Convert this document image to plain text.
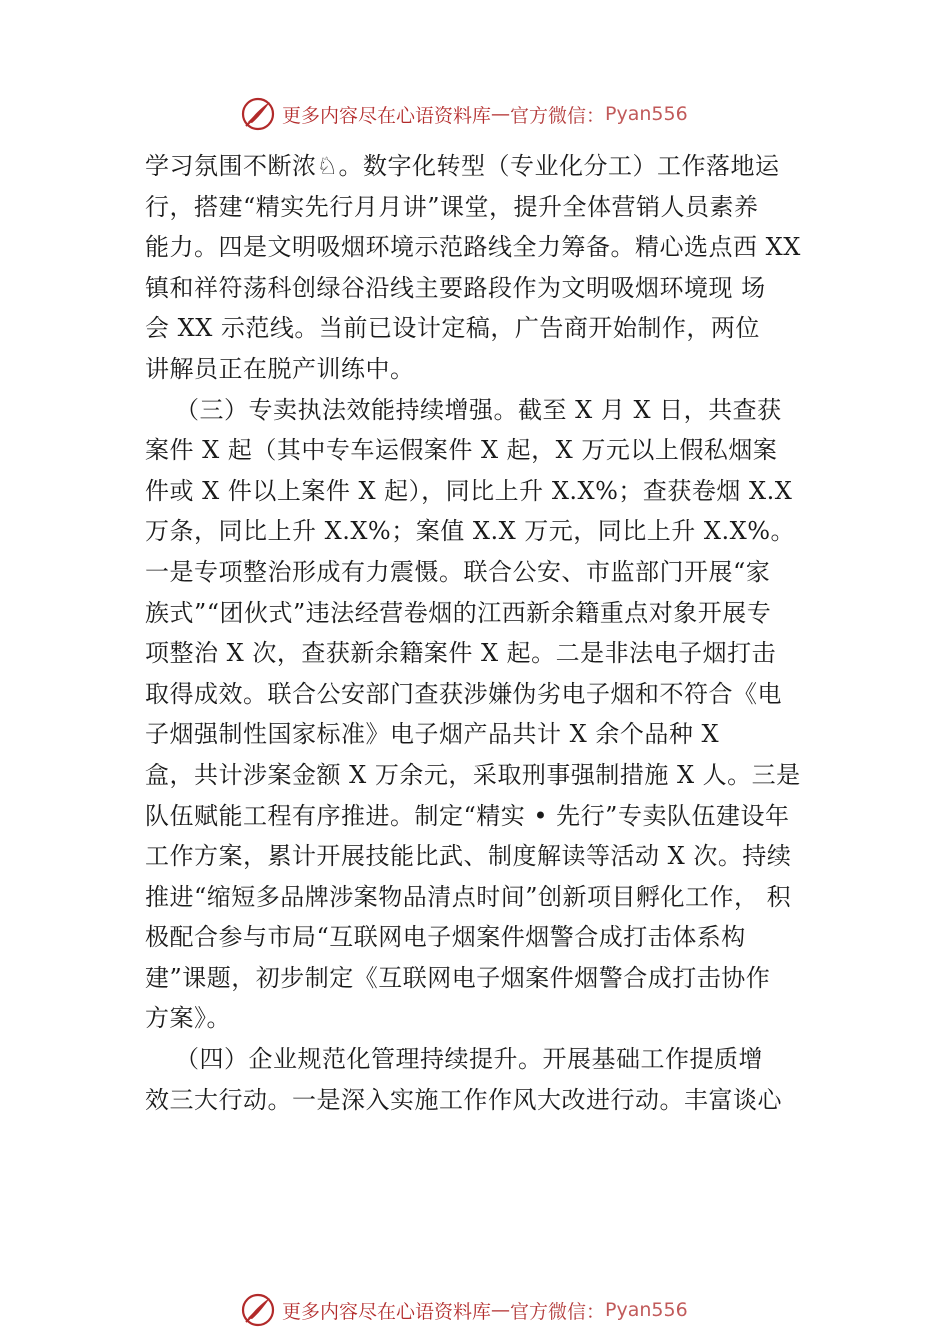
更多内容尽在心语资料库 — 官方微信： Pyan556
学习氛围不断浓♘。数字化转型（专业化分工）工作落地运
行，搭建“精实先行月月讲”课堂，提升全体营销人员素养
能力。四是文明吸烟环境示范路线全力筹备。精心选点西 XX
镇和祥符荡科创绿谷沿线主要路段作为文明吸烟环境现 场
会 XX 示范线。当前已设计定稿，广告商开始制作，两位
讲解员正在脱产训练中。
（三）专卖执法效能持续增强。截至 X 月 X 日，共查获
案件 X 起（其中专车运假案件 X 起，X 万元以上假私烟案
件或 X 件以上案件 X 起），同比上升 X.X%；查获卷烟 X.X
万条，同比上升 X.X%；案值 X.X 万元，同比上升 X.X%。
一是专项整治形成有力震慑。联合公安、市监部门开展“家
族式”“团伙式”违法经营卷烟的江西新余籍重点对象开展专
项整治 X 次，查获新余籍案件 X 起。二是非法电子烟打击
取得成效。联合公安部门查获涉嫌伪劣电子烟和不符合《电
子烟强制性国家标准》电子烟产品共计 X 余个品种 X
盒，共计涉案金额 X 万余元，采取刑事强制措施 X 人。三是
队伍赋能工程有序推进。制定“精实 • 先行”专卖队伍建设年
工作方案，累计开展技能比武、制度解读等活动 X 次。持续
推进“缩短多品牌涉案物品清点时间”创新项目孵化工作， 积
极配合参与市局“互联网电子烟案件烟警合成打击体系构
建”课题，初步制定《互联网电子烟案件烟警合成打击协作
方案》。
（四）企业规范化管理持续提升。开展基础工作提质增
效三大行动。一是深入实施工作作风大改进行动。丰富谈心
更多内容尽在心语资料库 — 官方微信： Pyan556
